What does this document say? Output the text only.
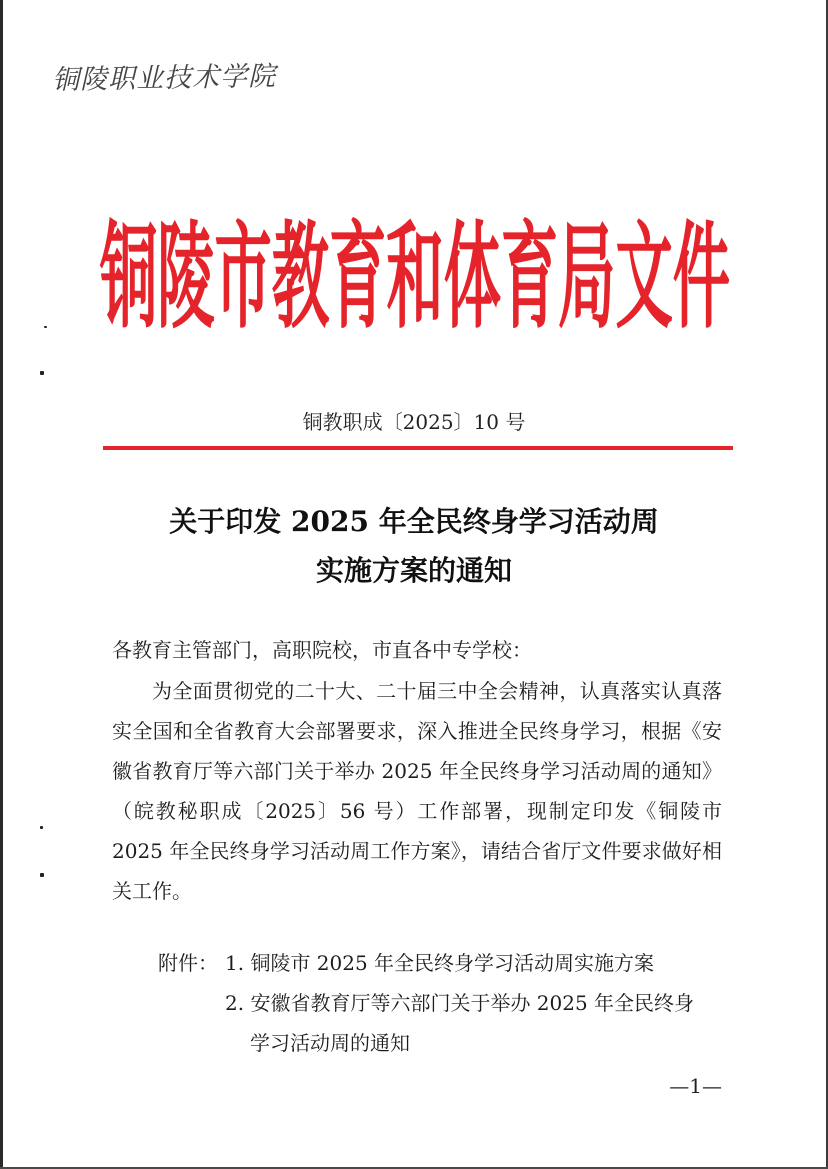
铜陵职业技术学院
铜陵市教育和体育局文件
铜教职成〔2025〕10 号
关于印发 2025 年全民终身学习活动周
实施方案的通知
各教育主管部门，高职院校，市直各中专学校：
为全面贯彻党的二十大、二十届三中全会精神，认真落实认真落实全国和全省教育大会部署要求，深入推进全民终身学习，根据《安徽省教育厅等六部门关于举办 2025 年全民终身学习活动周的通知》（皖教秘职成〔2025〕56 号）工作部署，现制定印发《铜陵市 2025 年全民终身学习活动周工作方案》，请结合省厅文件要求做好相关工作。
附件： 1. 铜陵市 2025 年全民终身学习活动周实施方案
2. 安徽省教育厅等六部门关于举办 2025 年全民终身
学习活动周的通知
—1—
